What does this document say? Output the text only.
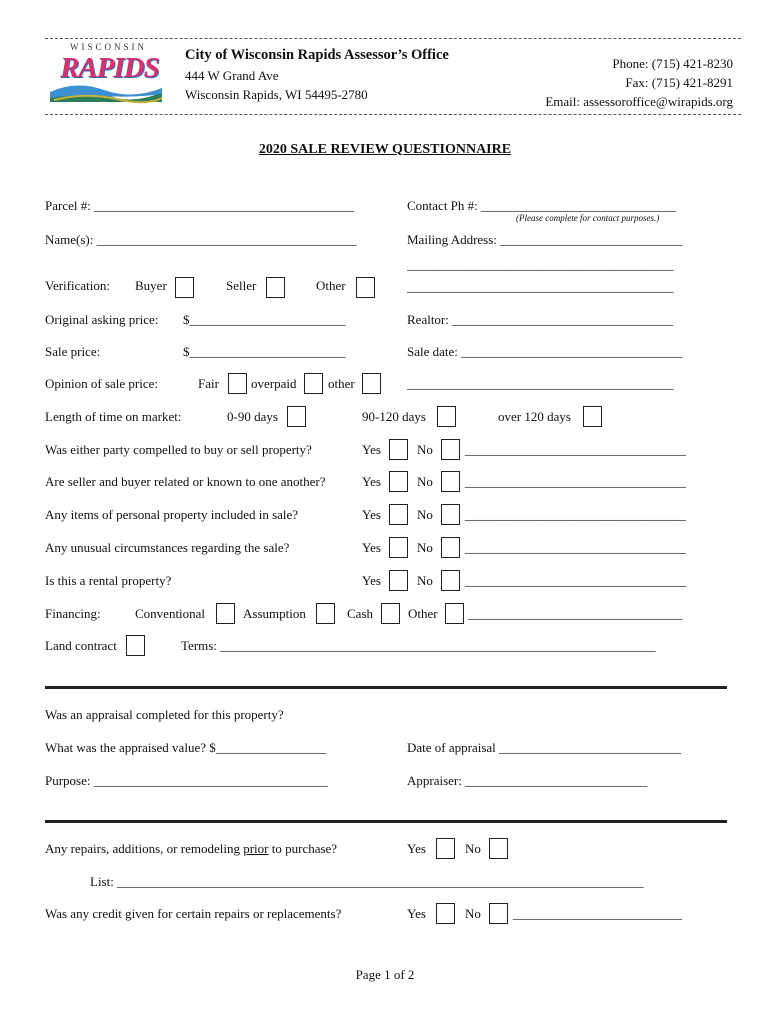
WISCONSIN
RAPIDS City of Wisconsin Rapids Assessor’s Office
444 W Grand Ave
Wisconsin Rapids, WI 54495-2780
Phone: (715) 421-8230
Fax: (715) 421-8291
Email: assessoroffice@wirapids.org
2020 SALE REVIEW QUESTIONNAIRE
Parcel #: ________________________________________	Contact Ph #: ______________________________
(Please complete for contact purposes.)
Name(s): ________________________________________	Mailing Address: ____________________________
_________________________________________
Verification: Buyer	Seller	Other	_________________________________________
Original asking price: $________________________	Realtor: __________________________________
Sale price:	$________________________	Sale date: __________________________________
Opinion of sale price:	Fair overpaid other	_________________________________________
Length of time on market:	0-90 days	90-120 days	over 120 days
Was either party compelled to buy or sell property?	Yes	No __________________________________
Are seller and buyer related or known to one another?	Yes	No __________________________________
Any items of personal property included in sale?	Yes	No __________________________________
Any unusual circumstances regarding the sale?	Yes	No __________________________________
Is this a rental property?	Yes	No __________________________________
Financing:	Conventional	Assumption	Cash	Other _________________________________
Land contract	Terms: ___________________________________________________________________
Was an appraisal completed for this property?
What was the appraised value? $_________________	Date of appraisal ____________________________
Purpose: ____________________________________	Appraiser: ____________________________
Any repairs, additions, or remodeling prior to purchase?	Yes	No
List: _________________________________________________________________________________
Was any credit given for certain repairs or replacements?	Yes	No __________________________
Page 1 of 2
